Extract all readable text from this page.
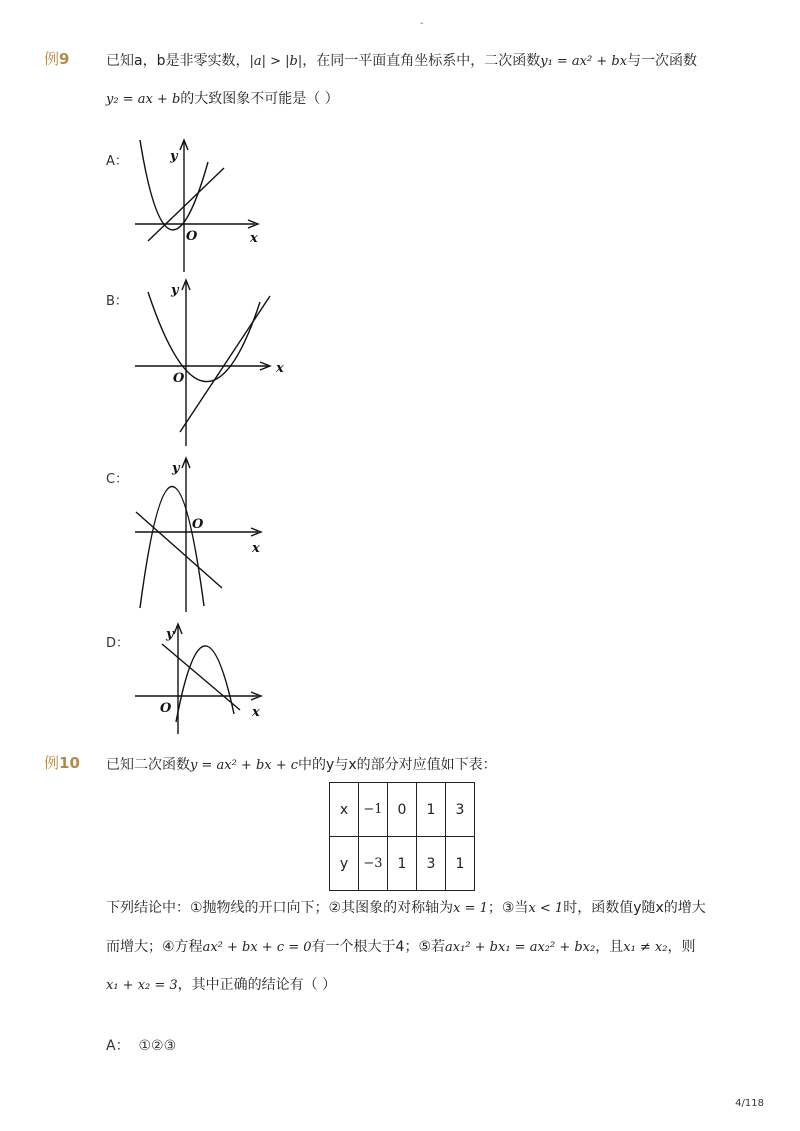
-
例9	已知a，b是非零实数，|a| > |b|，在同一平面直角坐标系中，二次函数y₁ = ax² + bx与一次函数
y₂ = ax + b的大致图象不可能是（ ）
A：	y
x
O
B：
y
x
O
C：
y
x
O
D：
y
x
O
例10 已知二次函数y = ax² + bx + c中的y与x的部分对应值如下表：
x	−1	0	1	3
y	−3	1	3	1
下列结论中：①抛物线的开口向下；②其图象的对称轴为x = 1；③当x < 1时，函数值y随x的增大
而增大；④方程ax² + bx + c = 0有一个根大于4；⑤若ax₁² + bx₁ = ax₂² + bx₂，且x₁ ≠ x₂，则
x₁ + x₂ = 3，其中正确的结论有（ ）
A： ①②③
4/118
